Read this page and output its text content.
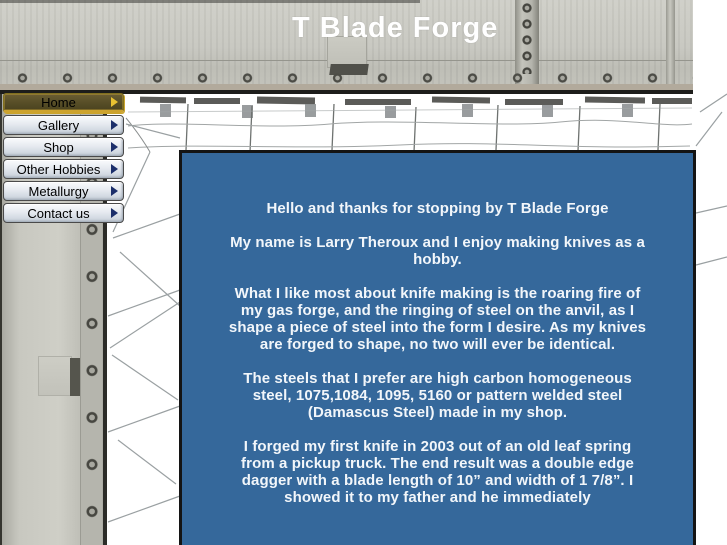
T Blade Forge
Home
Gallery
Shop
Other Hobbies
Metallurgy
Contact us	Hello and thanks for stopping by T Blade Forge

My name is Larry Theroux and I enjoy making knives as a hobby.

What I like most about knife making is the roaring fire of my gas forge, and the ringing of steel on the anvil, as I shape a piece of steel into the form I desire. As my knives are forged to shape, no two will ever be identical.

The steels that I prefer are high carbon homogeneous steel, 1075,1084, 1095, 5160 or pattern welded steel (Damascus Steel) made in my shop.

I forged my first knife in 2003 out of an old leaf spring from a pickup truck. The end result was a double edge dagger with a blade length of 10” and width of 1 7/8”. I showed it to my father and he immediately
